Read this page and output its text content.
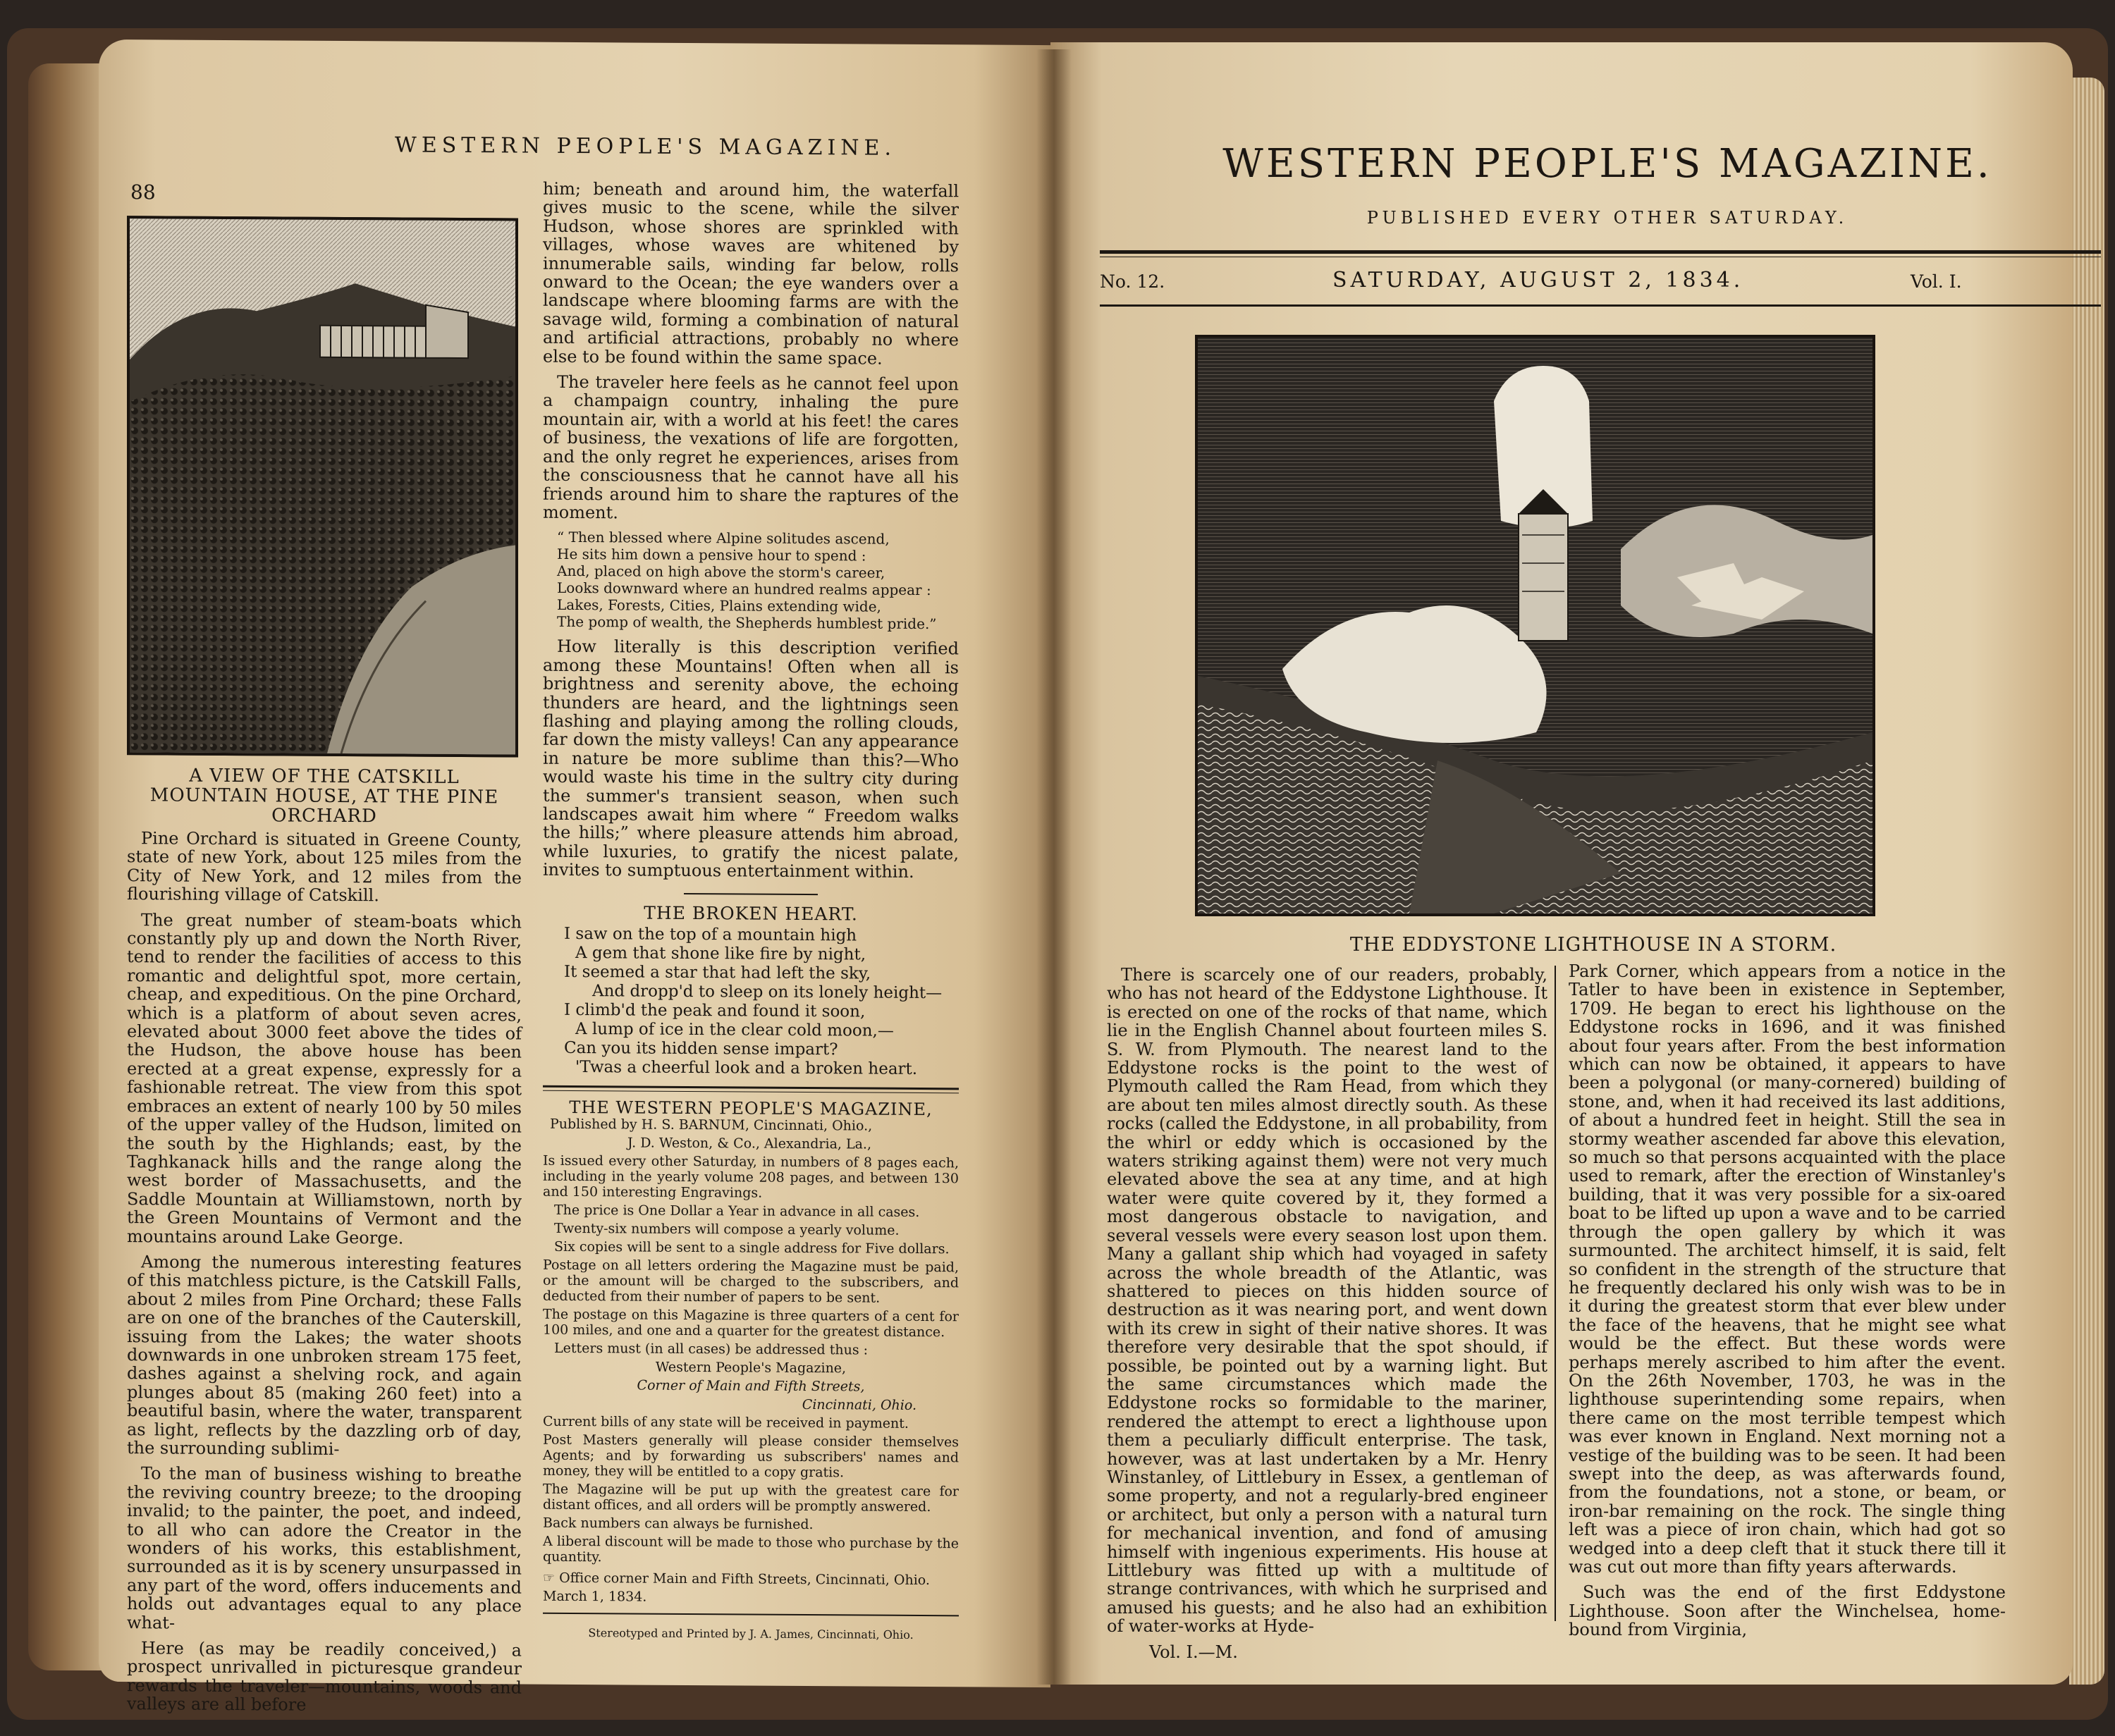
WESTERN PEOPLE'S MAGAZINE.
88
A VIEW OF THE CATSKILL MOUNTAIN HOUSE, AT THE PINE ORCHARD

Pine Orchard is situated in Greene County, state of new York, about 125 miles from the City of New York, and 12 miles from the flourishing village of Catskill.

The great number of steam-boats which constantly ply up and down the North River, tend to render the facilities of access to this romantic and delightful spot, more certain, cheap, and expeditious. On the pine Orchard, which is a platform of about seven acres, elevated about 3000 feet above the tides of the Hudson, the above house has been erected at a great expense, expressly for a fashionable retreat. The view from this spot embraces an extent of nearly 100 by 50 miles of the upper valley of the Hudson, limited on the south by the Highlands; east, by the Taghkanack hills and the range along the west border of Massachusetts, and the Saddle Mountain at Williamstown, north by the Green Mountains of Vermont and the mountains around Lake George.

Among the numerous interesting features of this matchless picture, is the Catskill Falls, about 2 miles from Pine Orchard; these Falls are on one of the branches of the Cauterskill, issuing from the Lakes; the water shoots downwards in one unbroken stream 175 feet, dashes against a shelving rock, and again plunges about 85 (making 260 feet) into a beautiful basin, where the water, transparent as light, reflects by the dazzling orb of day, the surrounding sublimi-

To the man of business wishing to breathe the reviving country breeze; to the drooping invalid; to the painter, the poet, and indeed, to all who can adore the Creator in the wonders of his works, this establishment, surrounded as it is by scenery unsurpassed in any part of the word, offers inducements and holds out advantages equal to any place what-

Here (as may be readily conceived,) a prospect unrivalled in picturesque grandeur rewards the traveler—mountains, woods and valleys are all before

him; beneath and around him, the waterfall gives music to the scene, while the silver Hudson, whose shores are sprinkled with villages, whose waves are whitened by innumerable sails, winding far below, rolls onward to the Ocean; the eye wanders over a landscape where blooming farms are with the savage wild, forming a combination of natural and artificial attractions, probably no where else to be found within the same space.

The traveler here feels as he cannot feel upon a champaign country, inhaling the pure mountain air, with a world at his feet! the cares of business, the vexations of life are forgotten, and the only regret he experiences, arises from the consciousness that he cannot have all his friends around him to share the raptures of the moment.

“ Then blessed where Alpine solitudes ascend,
He sits him down a pensive hour to spend :
And, placed on high above the storm's career,
Looks downward where an hundred realms appear :
Lakes, Forests, Cities, Plains extending wide,
The pomp of wealth, the Shepherds humblest pride.”

How literally is this description verified among these Mountains! Often when all is brightness and serenity above, the echoing thunders are heard, and the lightnings seen flashing and playing among the rolling clouds, far down the misty valleys! Can any appearance in nature be more sublime than this?—Who would waste his time in the sultry city during the summer's transient season, when such landscapes await him where “ Freedom walks the hills;” where pleasure attends him abroad, while luxuries, to gratify the nicest palate, invites to sumptuous entertainment within.

THE BROKEN HEART.
I saw on the top of a mountain high
A gem that shone like fire by night,
It seemed a star that had left the sky,
And dropp'd to sleep on its lonely height—
I climb'd the peak and found it soon,
A lump of ice in the clear cold moon,—
Can you its hidden sense impart?
'Twas a cheerful look and a broken heart.
THE WESTERN PEOPLE'S MAGAZINE,

Published by H. S. BARNUM, Cincinnati, Ohio.,

J. D. Weston, & Co., Alexandria, La.,

Is issued every other Saturday, in numbers of 8 pages each, including in the yearly volume 208 pages, and between 130 and 150 interesting Engravings.

The price is One Dollar a Year in advance in all cases.

Twenty-six numbers will compose a yearly volume.

Six copies will be sent to a single address for Five dollars.

Postage on all letters ordering the Magazine must be paid, or the amount will be charged to the subscribers, and deducted from their number of papers to be sent.

The postage on this Magazine is three quarters of a cent for 100 miles, and one and a quarter for the greatest distance.

Letters must (in all cases) be addressed thus :

Western People's Magazine,

Corner of Main and Fifth Streets,

Cincinnati, Ohio.

Current bills of any state will be received in payment.

Post Masters generally will please consider themselves Agents; and by forwarding us subscribers' names and money, they will be entitled to a copy gratis.

The Magazine will be put up with the greatest care for distant offices, and all orders will be promptly answered.

Back numbers can always be furnished.

A liberal discount will be made to those who purchase by the quantity.

☞ Office corner Main and Fifth Streets, Cincinnati, Ohio.

March 1, 1834.

Stereotyped and Printed by J. A. James, Cincinnati, Ohio.
WESTERN PEOPLE'S MAGAZINE.
PUBLISHED EVERY OTHER SATURDAY.
No. 12.	SATURDAY, AUGUST 2, 1834.	Vol. I.
THE EDDYSTONE LIGHTHOUSE IN A STORM.

There is scarcely one of our readers, probably, who has not heard of the Eddystone Lighthouse. It is erected on one of the rocks of that name, which lie in the English Channel about fourteen miles S. S. W. from Plymouth. The nearest land to the Eddystone rocks is the point to the west of Plymouth called the Ram Head, from which they are about ten miles almost directly south. As these rocks (called the Eddystone, in all probability, from the whirl or eddy which is occasioned by the waters striking against them) were not very much elevated above the sea at any time, and at high water were quite covered by it, they formed a most dangerous obstacle to navigation, and several vessels were every season lost upon them. Many a gallant ship which had voyaged in safety across the whole breadth of the Atlantic, was shattered to pieces on this hidden source of destruction as it was nearing port, and went down with its crew in sight of their native shores. It was therefore very desirable that the spot should, if possible, be pointed out by a warning light. But the same circumstances which made the Eddystone rocks so formidable to the mariner, rendered the attempt to erect a lighthouse upon them a peculiarly difficult enterprise. The task, however, was at last undertaken by a Mr. Henry Winstanley, of Littlebury in Essex, a gentleman of some property, and not a regularly-bred engineer or architect, but only a person with a natural turn for mechanical invention, and fond of amusing himself with ingenious experiments. His house at Littlebury was fitted up with a multitude of strange contrivances, with which he surprised and amused his guests; and he also had an exhibition of water-works at Hyde-

Vol. I.—M.

Park Corner, which appears from a notice in the Tatler to have been in existence in September, 1709. He began to erect his lighthouse on the Eddystone rocks in 1696, and it was finished about four years after. From the best information which can now be obtained, it appears to have been a polygonal (or many-cornered) building of stone, and, when it had received its last additions, of about a hundred feet in height. Still the sea in stormy weather ascended far above this elevation, so much so that persons acquainted with the place used to remark, after the erection of Winstanley's building, that it was very possible for a six-oared boat to be lifted up upon a wave and to be carried through the open gallery by which it was surmounted. The architect himself, it is said, felt so confident in the strength of the structure that he frequently declared his only wish was to be in it during the greatest storm that ever blew under the face of the heavens, that he might see what would be the effect. But these words were perhaps merely ascribed to him after the event. On the 26th November, 1703, he was in the lighthouse superintending some repairs, when there came on the most terrible tempest which was ever known in England. Next morning not a vestige of the building was to be seen. It had been swept into the deep, as was afterwards found, from the foundations, not a stone, or beam, or iron-bar remaining on the rock. The single thing left was a piece of iron chain, which had got so wedged into a deep cleft that it stuck there till it was cut out more than fifty years afterwards.

Such was the end of the first Eddystone Lighthouse. Soon after the Winchelsea, home-bound from Virginia,
